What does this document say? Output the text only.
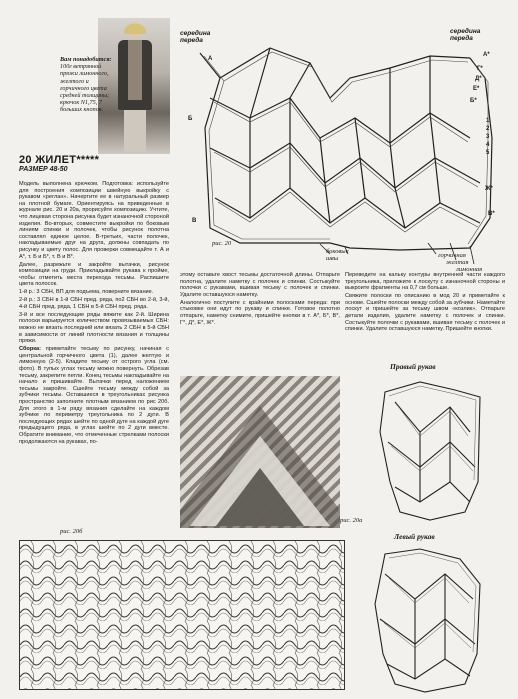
Вам понадобится:
100г ветрянной пряжи лимонного, желтого и горчичного цвета средней толщины; крючок N1,75, 7 больших кнопок.
20 ЖИЛЕТ*****
РАЗМЕР 48-50

Модель выполнена крючком. Подготовка: используйте для построения композиции швейную выкройку с рукавом «реглан». Начертите ее в натуральный размер на плотной бумаге. Ориентируясь на приведенные в журнале рис. 20 и 20a, прорисуйте композицию. Учтите, что лицевая сторона рисунка будет изнаночной стороной изделия. Во-вторых, совместите выкройки по боковым линиям спинки и полочек, чтобы рисунок полотна составлял единое целое. В-третьих, части полочек, накладываемые друг на друга, должны совпадать по рисунку и цвету полос. Для проверки совмещайте т. А и А*, т. Б и Б*, т. В и В*.

Далее, разрежьте и закройте вытачки, рисунок композиции на груди. Прикладывайте рукава к пройме, чтобы отметить места перехода тесьмы. Распишите цвета полосок.

1-й р.: 3 СБН, ВП для подъема, поверните вязание.

2-й р.: 3 СБН в 1-й СБН пред. ряда, по2 СБН во 2-й, 3-й, 4-й СБН пред. ряда, 1 СБН в 5-й СБН пред. ряда.

3-й и все последующие ряды вяжите как 2-й. Ширина полоски варьируется количеством провязываемых СБН: можно не вязать последний или вязать 2 СБН в 5-й СБН в зависимости от линий плотности вязания и толщины пряжи.

Сборка: приметайте тесьму по рисунку, начиная с центральной горчичного цвета (1), далее желтую и лимонную (2-5). Кладите тесьму от острого угла (см. фото). В тупых углах тесьму можно повернуть. Обрезав тесьму, закрепите петли. Конец тесьмы накладывайте на начало и пришивайте. Вытачки перед наложением тесьмы закройте. Сшейте тесьму между собой за зубчики тесьмы. Оставшиеся в треугольниках рисунка пространство заполните плотным вязанием по рис 20б. Для этого в 1-м ряду вязания сделайте на каждом зубчике по периметру треугольника по 2 дуги. В последующих рядах шейте по одной дуге на каждой дуге предыдущего ряда, в углах шейте по 2 дуги вместе. Обратите внимание, что отмеченные стрелками полоски продолжаются на рукавах, по-

этому оставьте хвост тесьмы достаточной длины. Отпарьте полотна, удалите наметку с полочек и спинки. Состыкуйте полочки с рукавами, вшивая тесьму с полочек и спинки. Удалите оставшуюся наметку.

Аналогично поступите с крайними полосками переда: при стыковке они идут по рукаву и спинке. Готовое полотно отпарьте, наметку снимите, пришейте кнопки в т. А*, Б*, В*, Г*, Д*, Е*, Ж*.

Переведите на кальку контуры внутренней части каждого треугольника, приложите к лоскуту с изнаночной стороны и выкроите фрагменты на 0,7 см больше.

Свяжите полоски по описанию в мод 20 и приметайте к основе. Сшейте полоски между собой за зубчики. Наметайте лоскут и пришейте за тесьму швом «козлик». Отпарьте детали изделия, удалите наметку с полочек и спинки. Состыкуйте полочки с рукавами, вшивая тесьму с полочек и спинки. Удалите оставшуюся наметку. Пришейте кнопки.

середина
переда
середина
переда
А
Б
В
А*
Г*
Д*
Е*
Б*
Ж*
В*
1
2
3
4
5
рис. 20
боковые
швы	горчичная
желтая
лимонная
Правый рукав
рис. 20а
Левый рукав
рис. 20б
